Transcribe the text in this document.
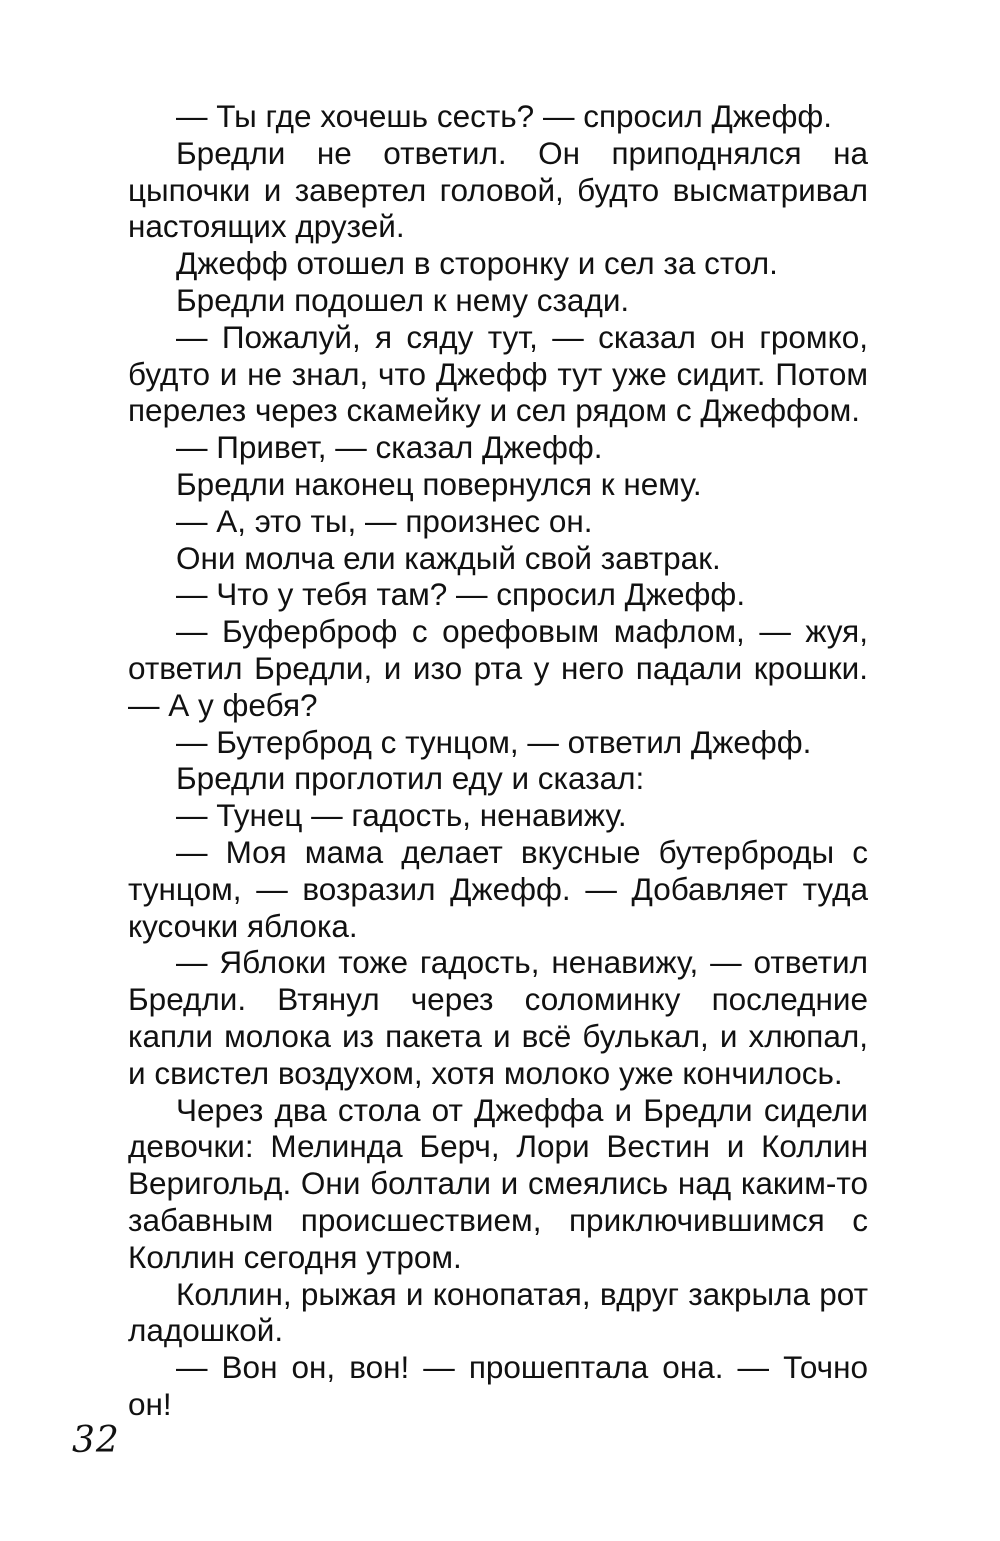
— Ты где хочешь сесть? — спросил Джефф.

Бредли не ответил. Он приподнялся на цыпочки и завертел головой, будто высматривал настоящих друзей.

Джефф отошел в сторонку и сел за стол.

Бредли подошел к нему сзади.

— Пожалуй, я сяду тут, — сказал он громко, будто и не знал, что Джефф тут уже сидит. Потом перелез через скамейку и сел рядом с Джеффом.

— Привет, — сказал Джефф.

Бредли наконец повернулся к нему.

— А, это ты, — произнес он.

Они молча ели каждый свой завтрак.

— Что у тебя там? — спросил Джефф.

— Буферброф с орефовым мафлом, — жуя, ответил Бредли, и изо рта у него падали крошки. — А у фебя?

— Бутерброд с тунцом, — ответил Джефф.

Бредли проглотил еду и сказал:

— Тунец — гадость, ненавижу.

— Моя мама делает вкусные бутерброды с тунцом, — возразил Джефф. — Добавляет туда кусочки яблока.

— Яблоки тоже гадость, ненавижу, — ответил Бредли. Втянул через соломинку последние капли молока из пакета и всё булькал, и хлюпал, и свистел воздухом, хотя молоко уже кончилось.

Через два стола от Джеффа и Бредли сидели девочки: Мелинда Берч, Лори Вестин и Коллин Веригольд. Они болтали и смеялись над каким-то забавным происшествием, приключившимся с Коллин сегодня утром.

Коллин, рыжая и конопатая, вдруг закрыла рот ладошкой.

— Вон он, вон! — прошептала она. — Точно он!

32
